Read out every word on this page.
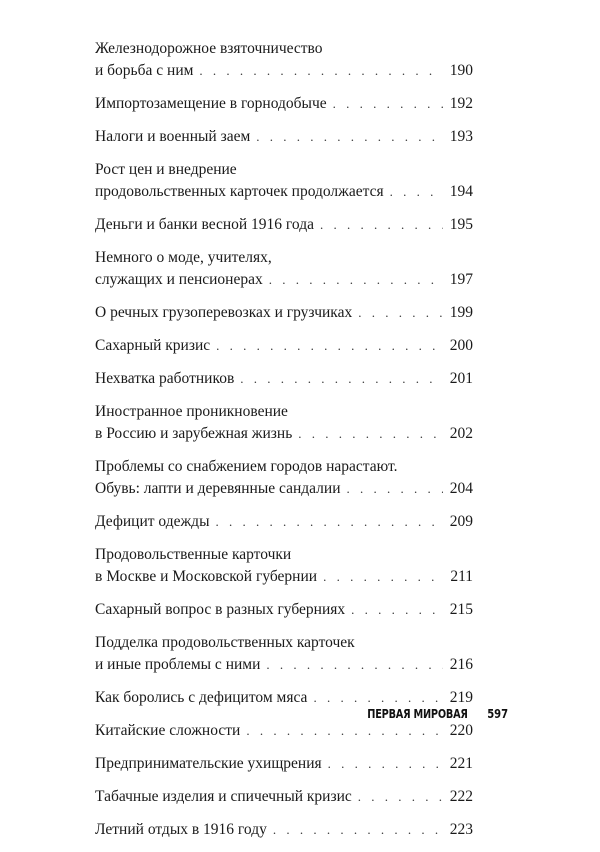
Железнодорожное взяточничество
и борьба с ним . . .	190
Импортозамещение в горнодобыче . . .	192
Налоги и военный заем . . .	193
Рост цен и внедрение
продовольственных карточек продолжается . . .	194
Деньги и банки весной 1916 года . . .	195
Немного о моде, учителях,
служащих и пенсионерах . . .	197
О речных грузоперевозках и грузчиках . . .	199
Сахарный кризис . . .	200
Нехватка работников . . .	201
Иностранное проникновение
в Россию и зарубежная жизнь . . .	202
Проблемы со снабжением городов нарастают.
Обувь: лапти и деревянные сандалии . . .	204
Дефицит одежды . . .	209
Продовольственные карточки
в Москве и Московской губернии . . .	211
Сахарный вопрос в разных губерниях . . .	215
Подделка продовольственных карточек
и иные проблемы с ними . . .	216
Как боролись с дефицитом мяса . . .	219
Китайские сложности . . .	220
Предпринимательские ухищрения . . .	221
Табачные изделия и спичечный кризис . . .	222
Летний отдых в 1916 году . . .	223
ПЕРВАЯ МИРОВАЯ 597
